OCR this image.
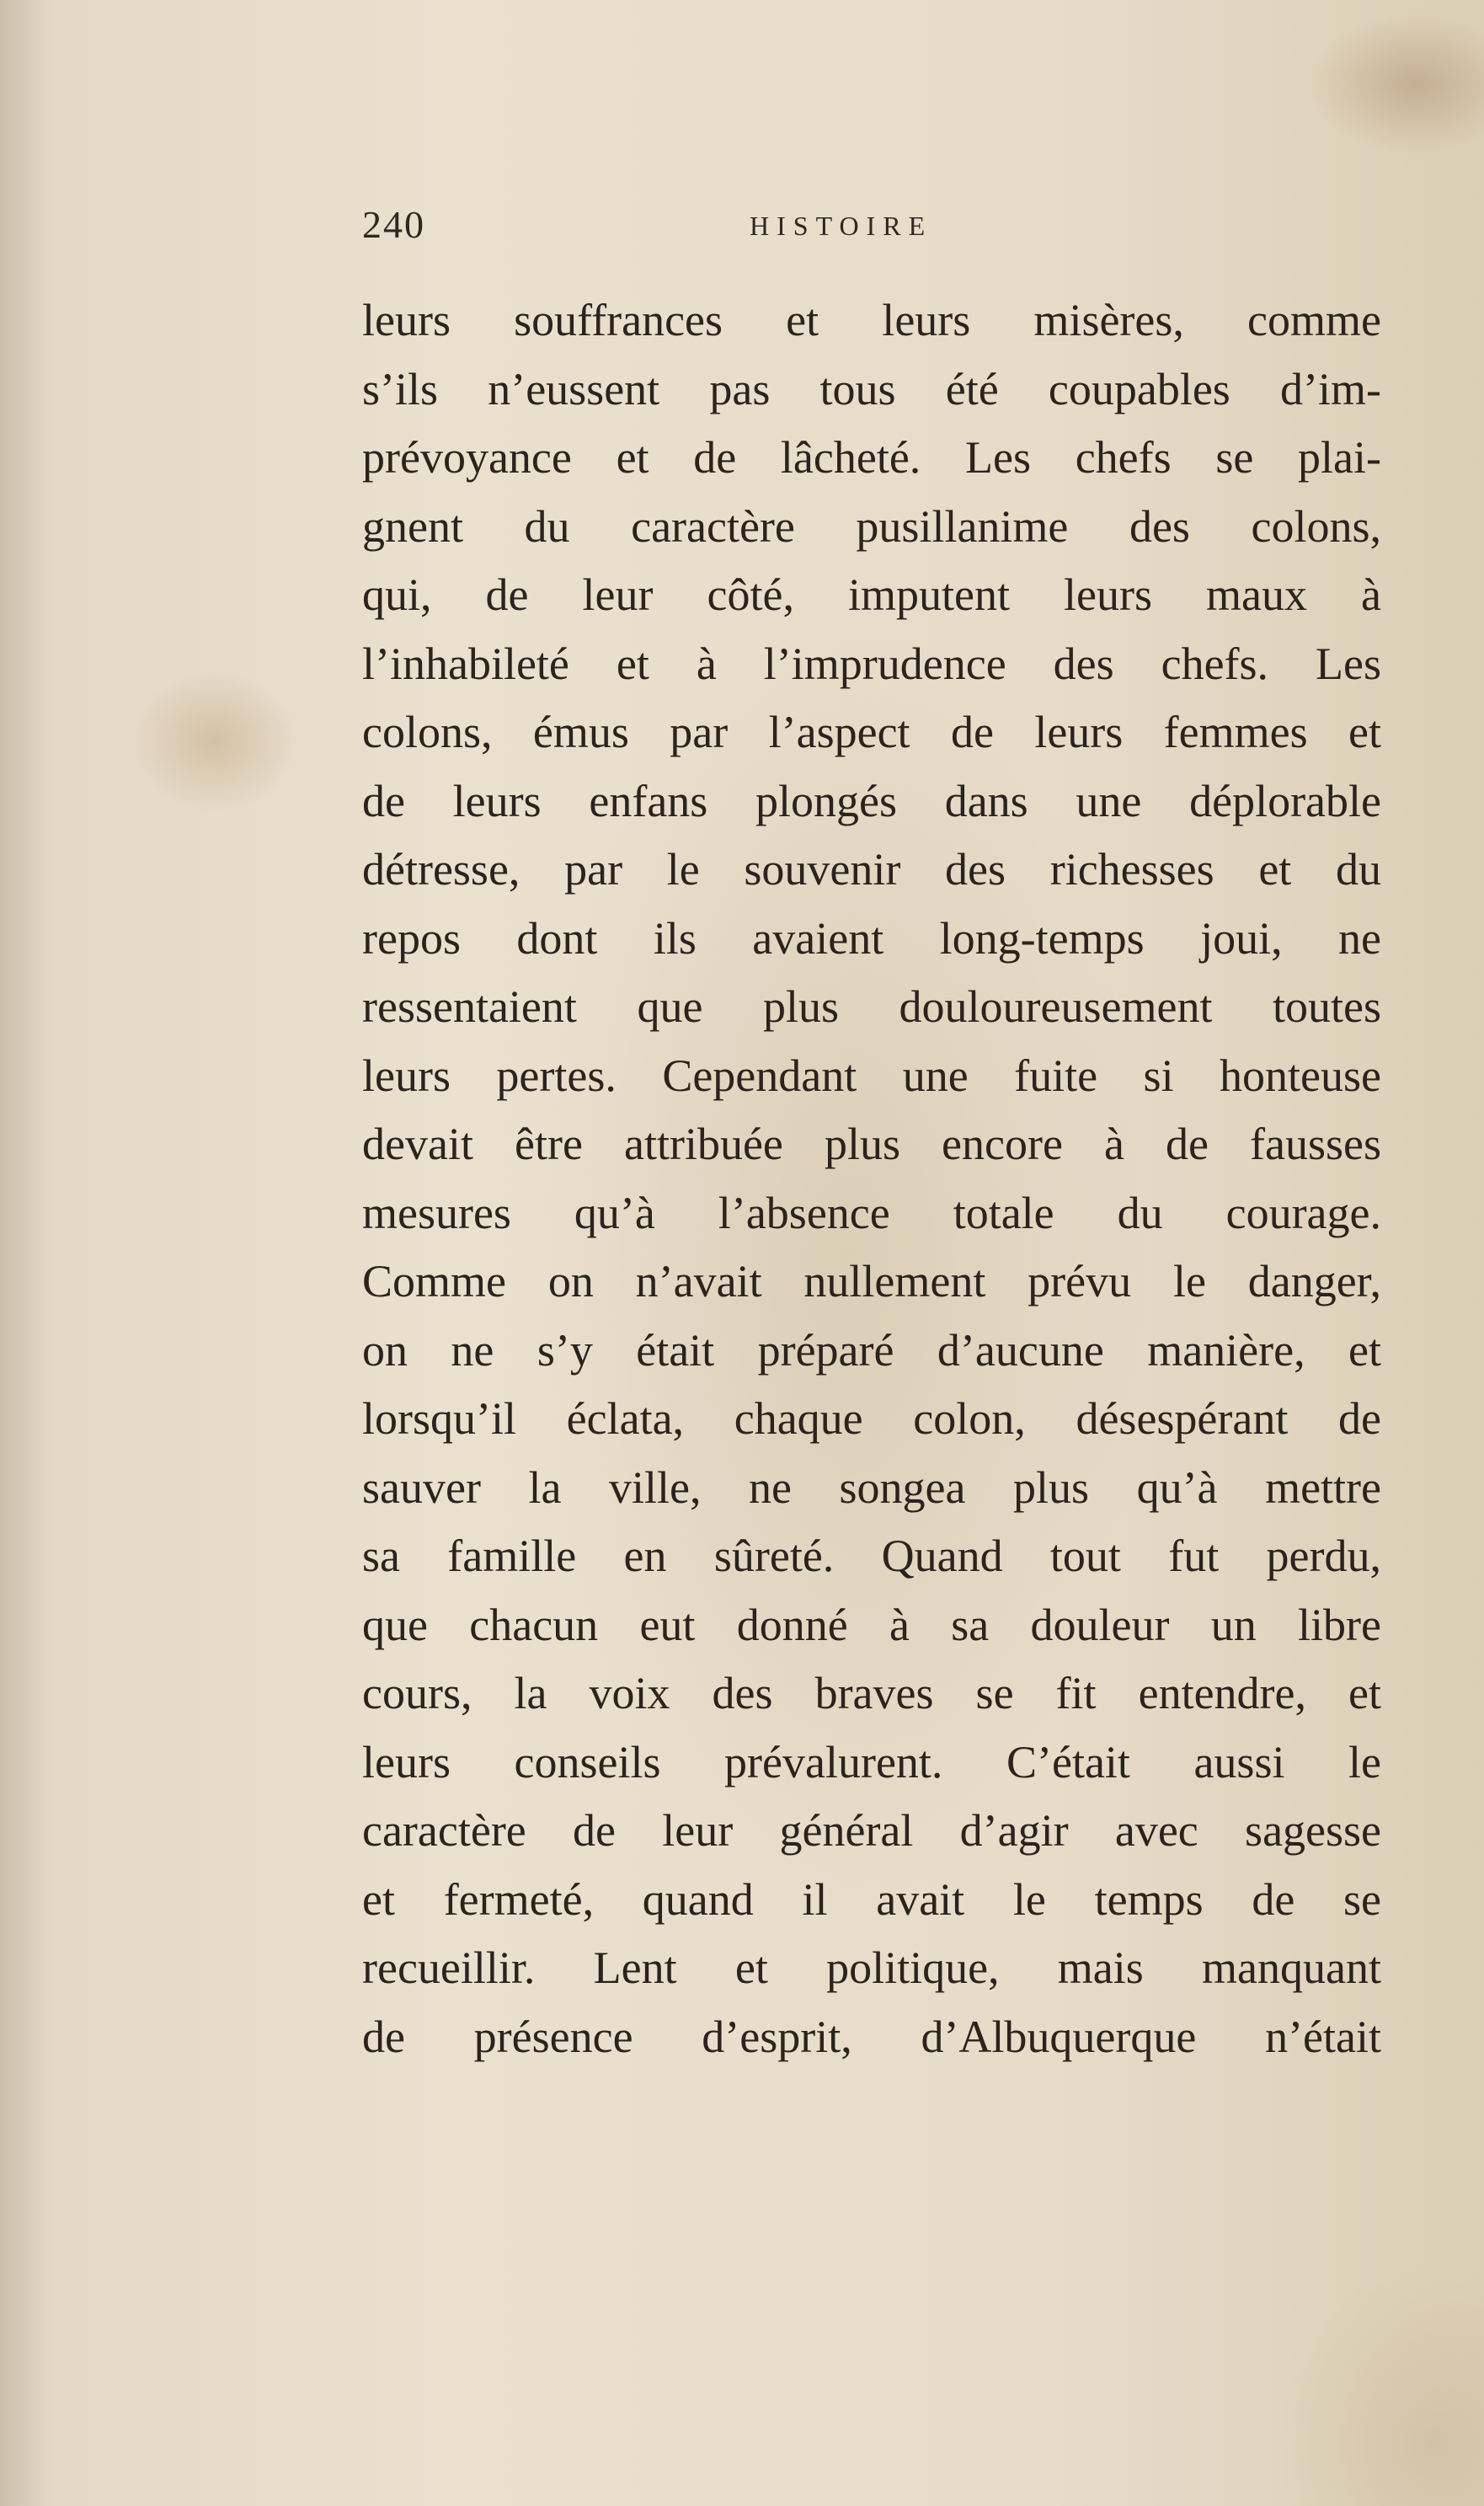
240	HISTOIRE
leurs souffrances et leurs misères, comme
s’ils n’eussent pas tous été coupables d’im-
prévoyance et de lâcheté. Les chefs se plai-
gnent du caractère pusillanime des colons,
qui, de leur côté, imputent leurs maux à
l’inhabileté et à l’imprudence des chefs. Les
colons, émus par l’aspect de leurs femmes et
de leurs enfans plongés dans une déplorable
détresse, par le souvenir des richesses et du
repos dont ils avaient long-temps joui, ne
ressentaient que plus douloureusement toutes
leurs pertes. Cependant une fuite si honteuse
devait être attribuée plus encore à de fausses
mesures qu’à l’absence totale du courage.
Comme on n’avait nullement prévu le danger,
on ne s’y était préparé d’aucune manière, et
lorsqu’il éclata, chaque colon, désespérant de
sauver la ville, ne songea plus qu’à mettre
sa famille en sûreté. Quand tout fut perdu,
que chacun eut donné à sa douleur un libre
cours, la voix des braves se fit entendre, et
leurs conseils prévalurent. C’était aussi le
caractère de leur général d’agir avec sagesse
et fermeté, quand il avait le temps de se
recueillir. Lent et politique, mais manquant
de présence d’esprit, d’Albuquerque n’était
